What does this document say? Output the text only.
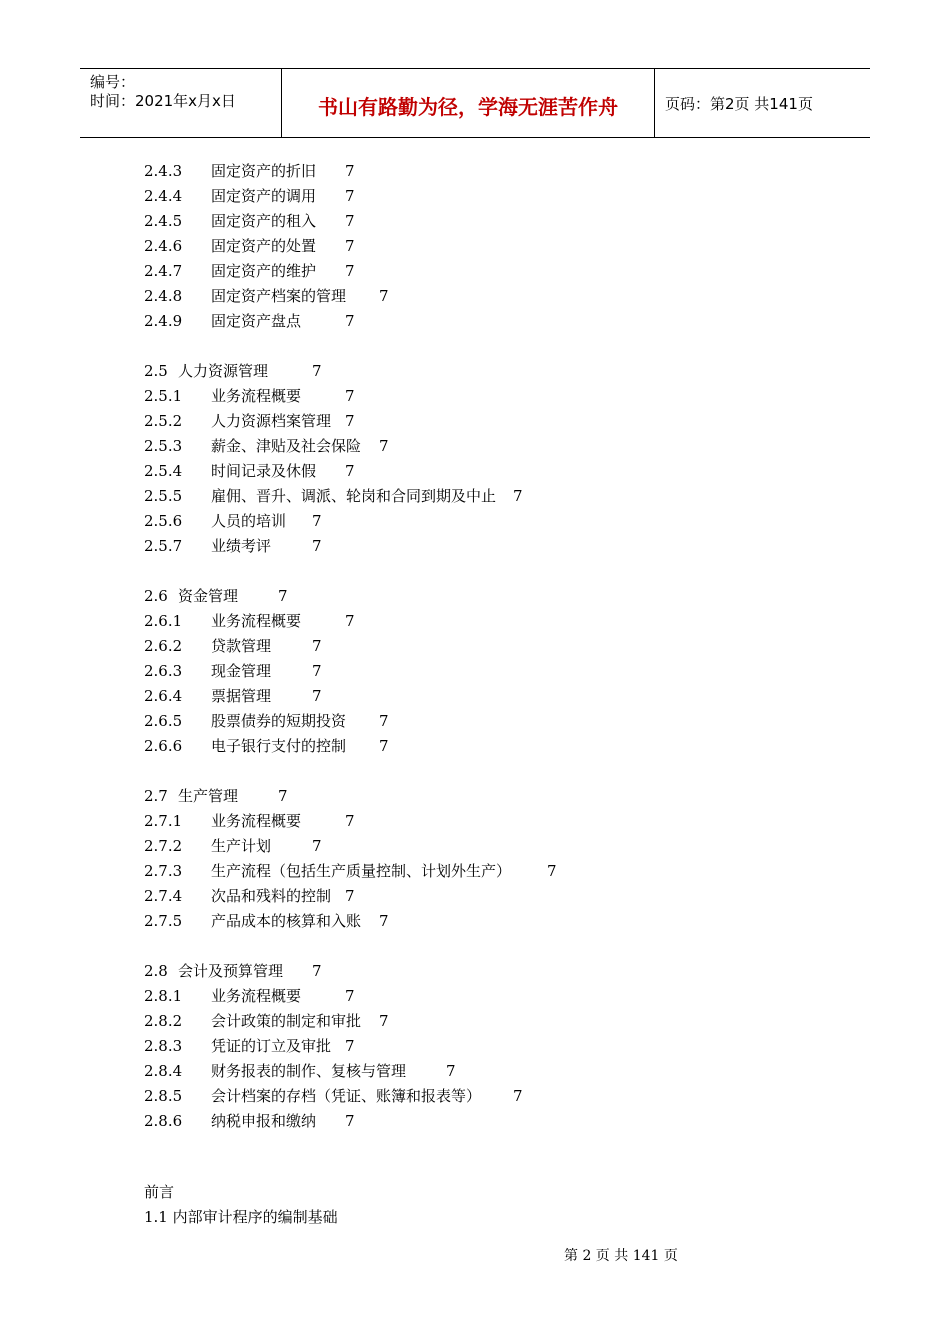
编号：
时间：2021年x月x日	书山有路勤为径，学海无涯苦作舟	页码：第2页 共141页
2.4.3 固定资产的折旧 7
2.4.4 固定资产的调用 7
2.4.5 固定资产的租入 7
2.4.6 固定资产的处置 7
2.4.7 固定资产的维护 7
2.4.8 固定资产档案的管理 7
2.4.9 固定资产盘点	7
2.5 人力资源管理	7
2.5.1 业务流程概要	7
2.5.2 人力资源档案管理 7
2.5.3 薪金、津贴及社会保险 7
2.5.4 时间记录及休假 7
2.5.5 雇佣、晋升、调派、轮岗和合同到期及中止 7
2.5.6 人员的培训 7
2.5.7 业绩考评	7
2.6 资金管理	7
2.6.1 业务流程概要	7
2.6.2 贷款管理	7
2.6.3 现金管理	7
2.6.4 票据管理	7
2.6.5 股票债券的短期投资 7
2.6.6 电子银行支付的控制 7
2.7 生产管理	7
2.7.1 业务流程概要	7
2.7.2 生产计划	7
2.7.3 生产流程（包括生产质量控制、计划外生产） 7
2.7.4 次品和残料的控制 7
2.7.5 产品成本的核算和入账 7
2.8 会计及预算管理 7
2.8.1 业务流程概要	7
2.8.2 会计政策的制定和审批 7
2.8.3 凭证的订立及审批 7
2.8.4 财务报表的制作、复核与管理	7
2.8.5 会计档案的存档（凭证、账簿和报表等） 7
2.8.6 纳税申报和缴纳 7
前言
1.1 内部审计程序的编制基础
第 2 页 共 141 页
